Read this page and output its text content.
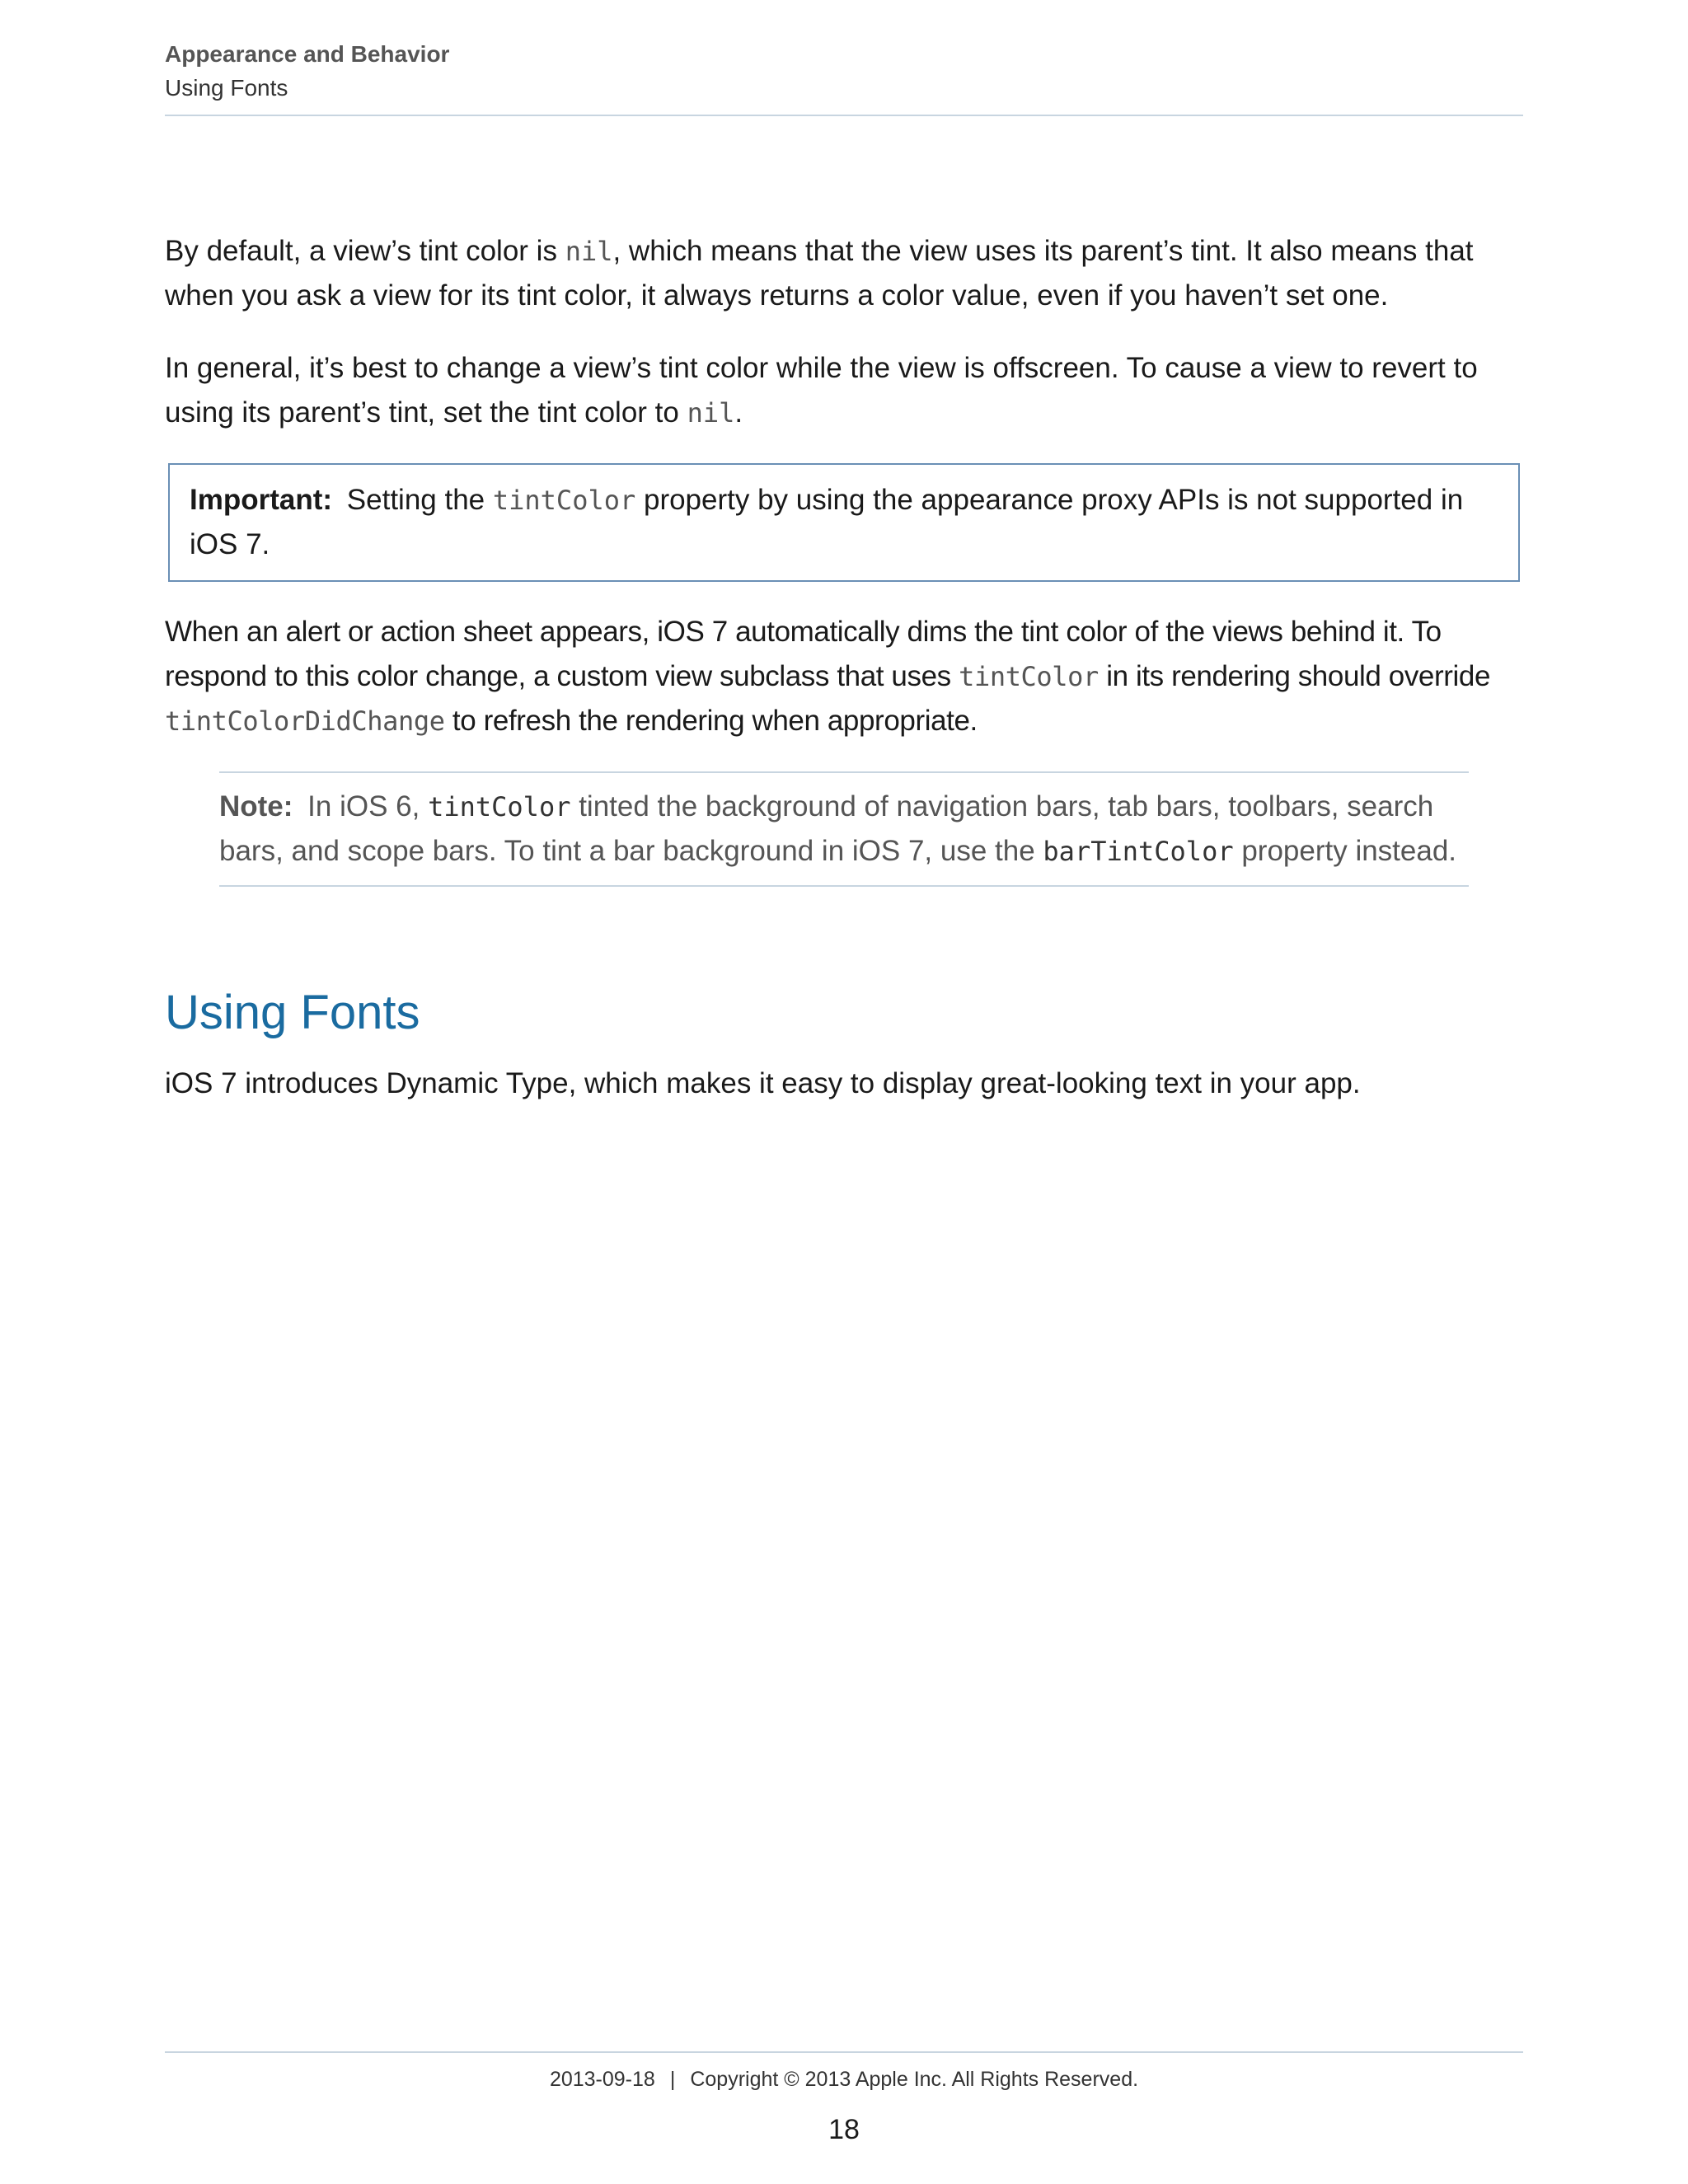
Appearance and Behavior
Using Fonts

By default, a view’s tint color is nil, which means that the view uses its parent’s tint. It also means that when you ask a view for its tint color, it always returns a color value, even if you haven’t set one.

In general, it’s best to change a view’s tint color while the view is offscreen. To cause a view to revert to using its parent’s tint, set the tint color to nil.

Important: Setting the tintColor property by using the appearance proxy APIs is not supported in iOS 7.

When an alert or action sheet appears, iOS 7 automatically dims the tint color of the views behind it. To respond to this color change, a custom view subclass that uses tintColor in its rendering should override tintColorDidChange to refresh the rendering when appropriate.

Note: In iOS 6, tintColor tinted the background of navigation bars, tab bars, toolbars, search bars, and scope bars. To tint a bar background in iOS 7, use the barTintColor property instead.

Using Fonts

iOS 7 introduces Dynamic Type, which makes it easy to display great-looking text in your app.

2013-09-18 | Copyright © 2013 Apple Inc. All Rights Reserved.
18
